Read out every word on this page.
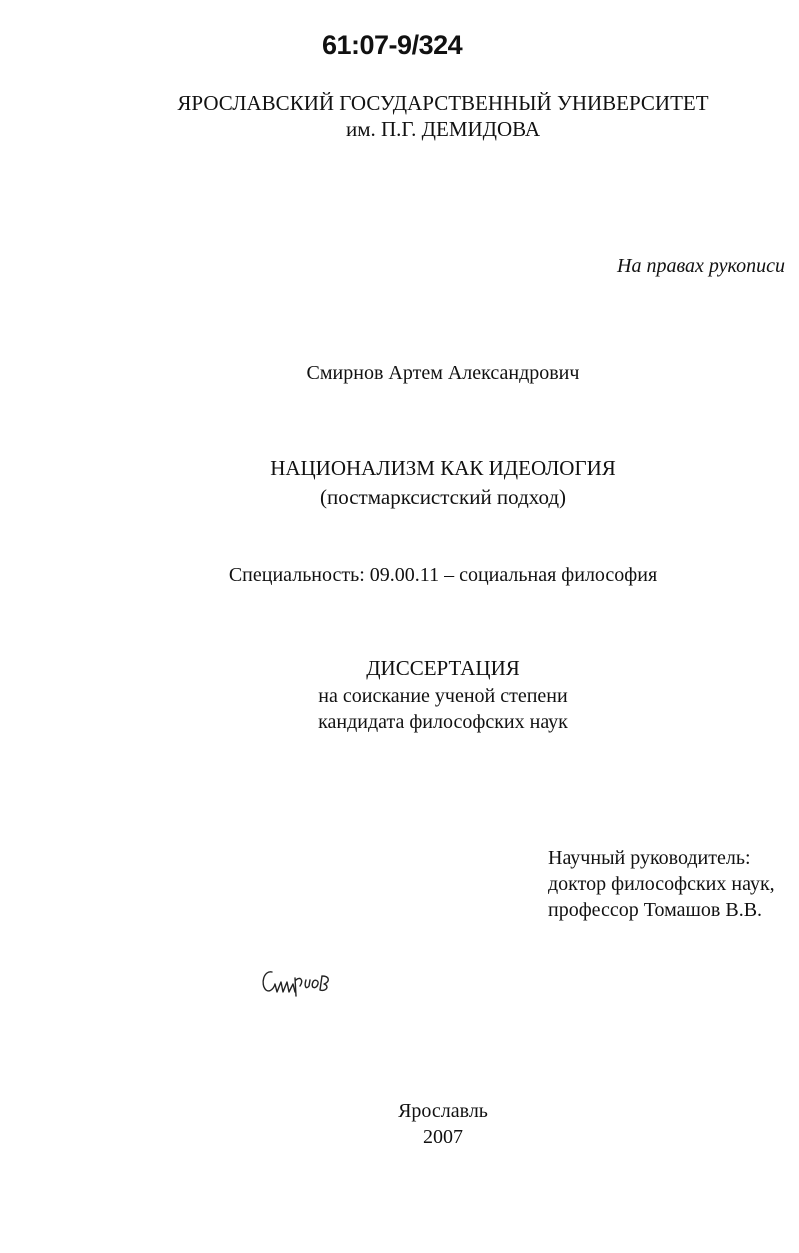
61:07-9/324
ЯРОСЛАВСКИЙ ГОСУДАРСТВЕННЫЙ УНИВЕРСИТЕТ
им. П.Г. ДЕМИДОВА
На правах рукописи
Смирнов Артем Александрович
НАЦИОНАЛИЗМ КАК ИДЕОЛОГИЯ
(постмарксистский подход)
Специальность: 09.00.11 – социальная философия
ДИССЕРТАЦИЯ
на соискание ученой степени
кандидата философских наук
Научный руководитель:
доктор философских наук,
профессор Томашов В.В.
Ярославль
2007
